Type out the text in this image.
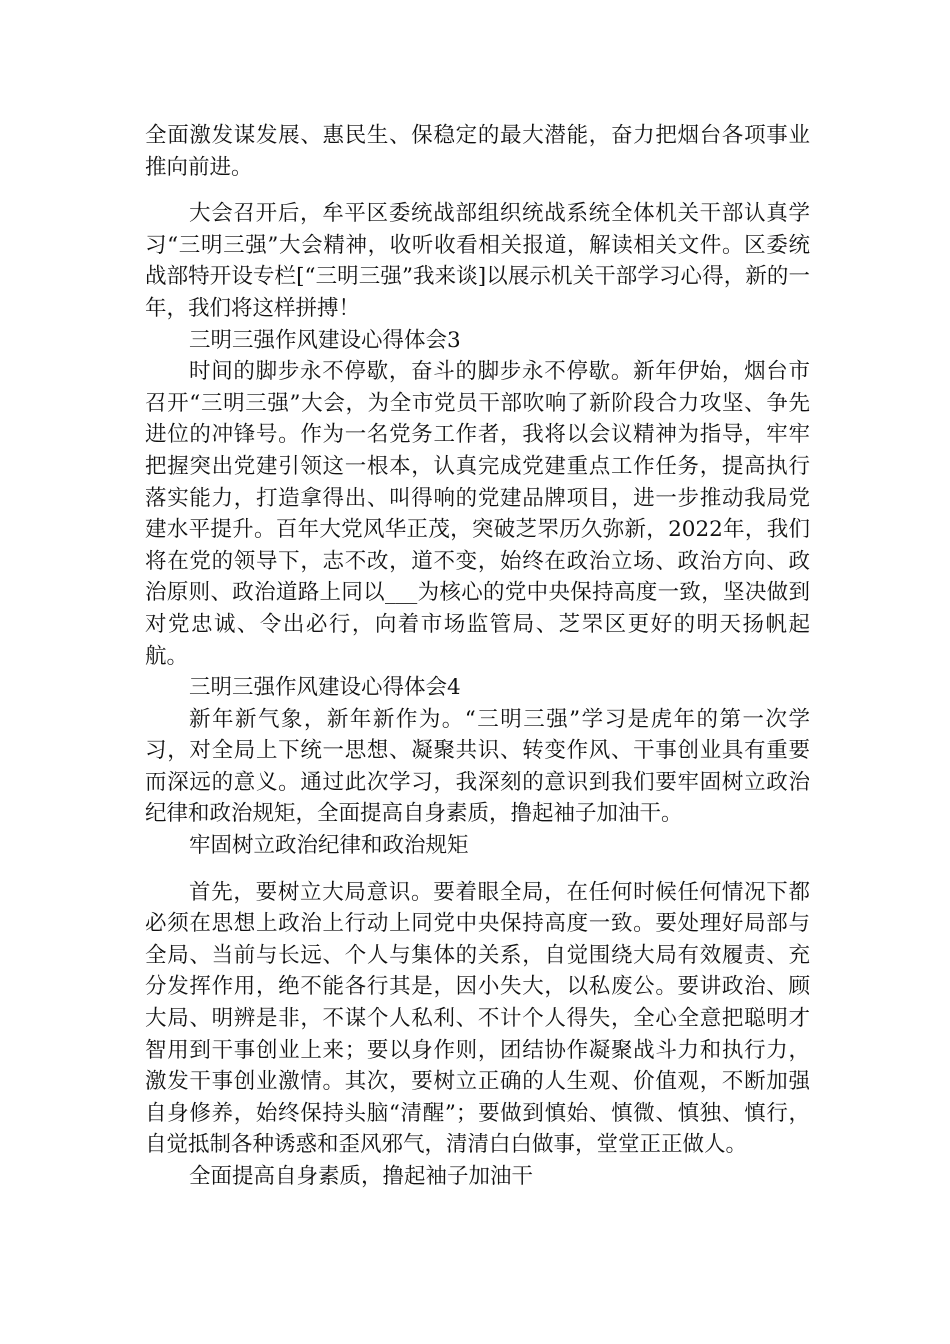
全面激发谋发展、惠民生、保稳定的最大潜能，奋力把烟台各项事业推向前进。

大会召开后，牟平区委统战部组织统战系统全体机关干部认真学习“三明三强”大会精神，收听收看相关报道，解读相关文件。区委统战部特开设专栏[“三明三强”我来谈]以展示机关干部学习心得，新的一年，我们将这样拼搏！

三明三强作风建设心得体会3

时间的脚步永不停歇，奋斗的脚步永不停歇。新年伊始，烟台市召开“三明三强”大会，为全市党员干部吹响了新阶段合力攻坚、争先进位的冲锋号。作为一名党务工作者，我将以会议精神为指导，牢牢把握突出党建引领这一根本，认真完成党建重点工作任务，提高执行落实能力，打造拿得出、叫得响的党建品牌项目，进一步推动我局党建水平提升。百年大党风华正茂，突破芝罘历久弥新，2022年，我们将在党的领导下，志不改，道不变，始终在政治立场、政治方向、政治原则、政治道路上同以___为核心的党中央保持高度一致，坚决做到对党忠诚、令出必行，向着市场监管局、芝罘区更好的明天扬帆起航。

三明三强作风建设心得体会4

新年新气象，新年新作为。“三明三强”学习是虎年的第一次学习，对全局上下统一思想、凝聚共识、转变作风、干事创业具有重要而深远的意义。通过此次学习，我深刻的意识到我们要牢固树立政治纪律和政治规矩，全面提高自身素质，撸起袖子加油干。

牢固树立政治纪律和政治规矩

首先，要树立大局意识。要着眼全局，在任何时候任何情况下都必须在思想上政治上行动上同党中央保持高度一致。要处理好局部与全局、当前与长远、个人与集体的关系，自觉围绕大局有效履责、充分发挥作用，绝不能各行其是，因小失大，以私废公。要讲政治、顾大局、明辨是非，不谋个人私利、不计个人得失，全心全意把聪明才智用到干事创业上来；要以身作则，团结协作凝聚战斗力和执行力，激发干事创业激情。其次，要树立正确的人生观、价值观，不断加强自身修养，始终保持头脑“清醒”；要做到慎始、慎微、慎独、慎行，自觉抵制各种诱惑和歪风邪气，清清白白做事，堂堂正正做人。

全面提高自身素质，撸起袖子加油干
